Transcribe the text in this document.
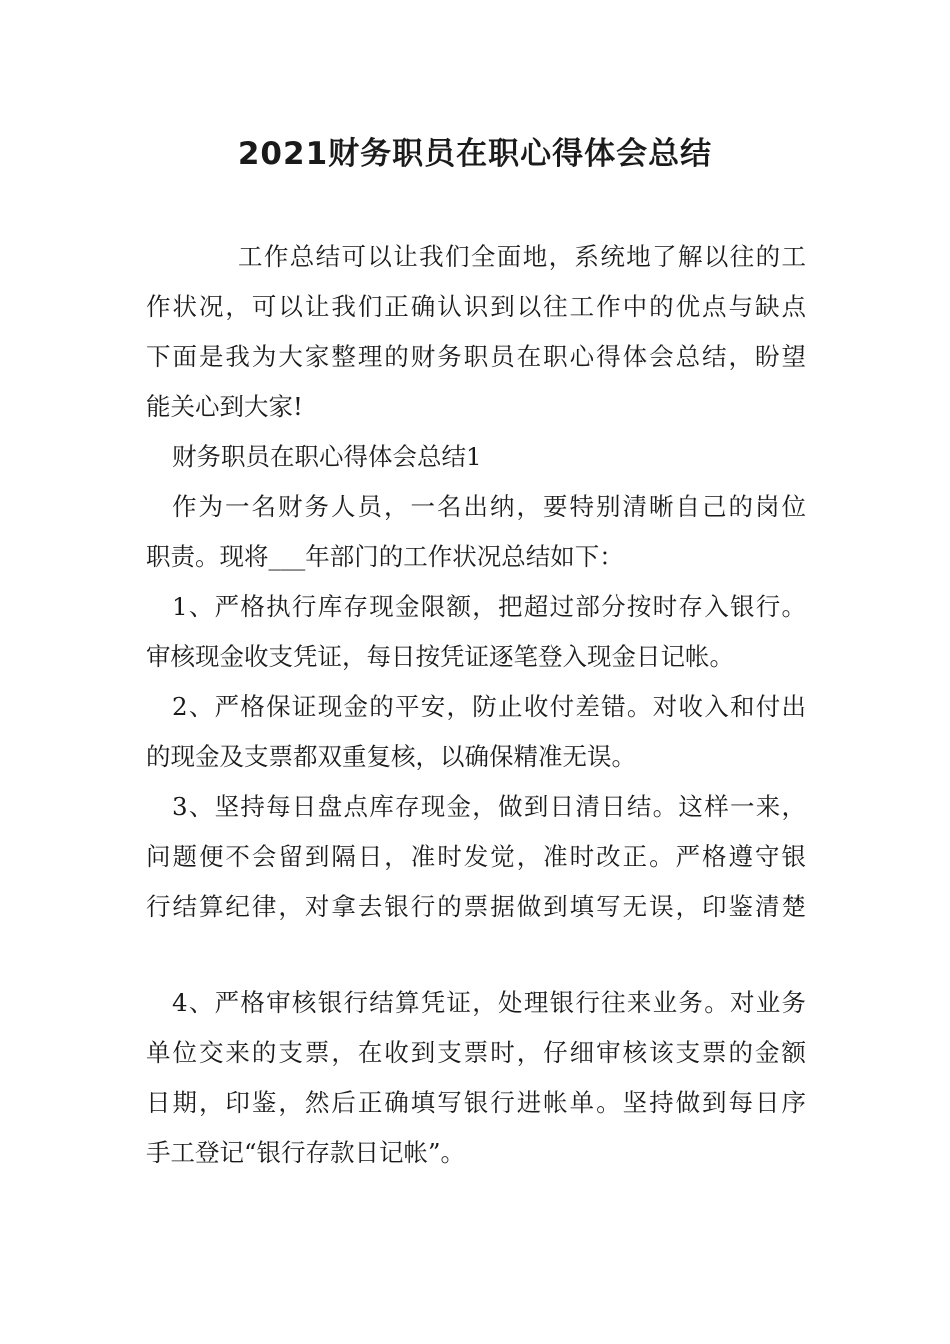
2021财务职员在职心得体会总结

工作总结可以让我们全面地，系统地了解以往的工

作状况，可以让我们正确认识到以往工作中的优点与缺点

下面是我为大家整理的财务职员在职心得体会总结，盼望

能关心到大家!

财务职员在职心得体会总结1

作为一名财务人员，一名出纳，要特别清晰自己的岗位

职责。现将___年部门的工作状况总结如下：

1、严格执行库存现金限额，把超过部分按时存入银行。

审核现金收支凭证，每日按凭证逐笔登入现金日记帐。

2、严格保证现金的平安，防止收付差错。对收入和付出

的现金及支票都双重复核，以确保精准无误。

3、坚持每日盘点库存现金，做到日清日结。这样一来，

问题便不会留到隔日，准时发觉，准时改正。严格遵守银

行结算纪律，对拿去银行的票据做到填写无误，印鉴清楚

4、严格审核银行结算凭证，处理银行往来业务。对业务

单位交来的支票，在收到支票时，仔细审核该支票的金额

日期，印鉴，然后正确填写银行进帐单。坚持做到每日序

手工登记“银行存款日记帐”。
